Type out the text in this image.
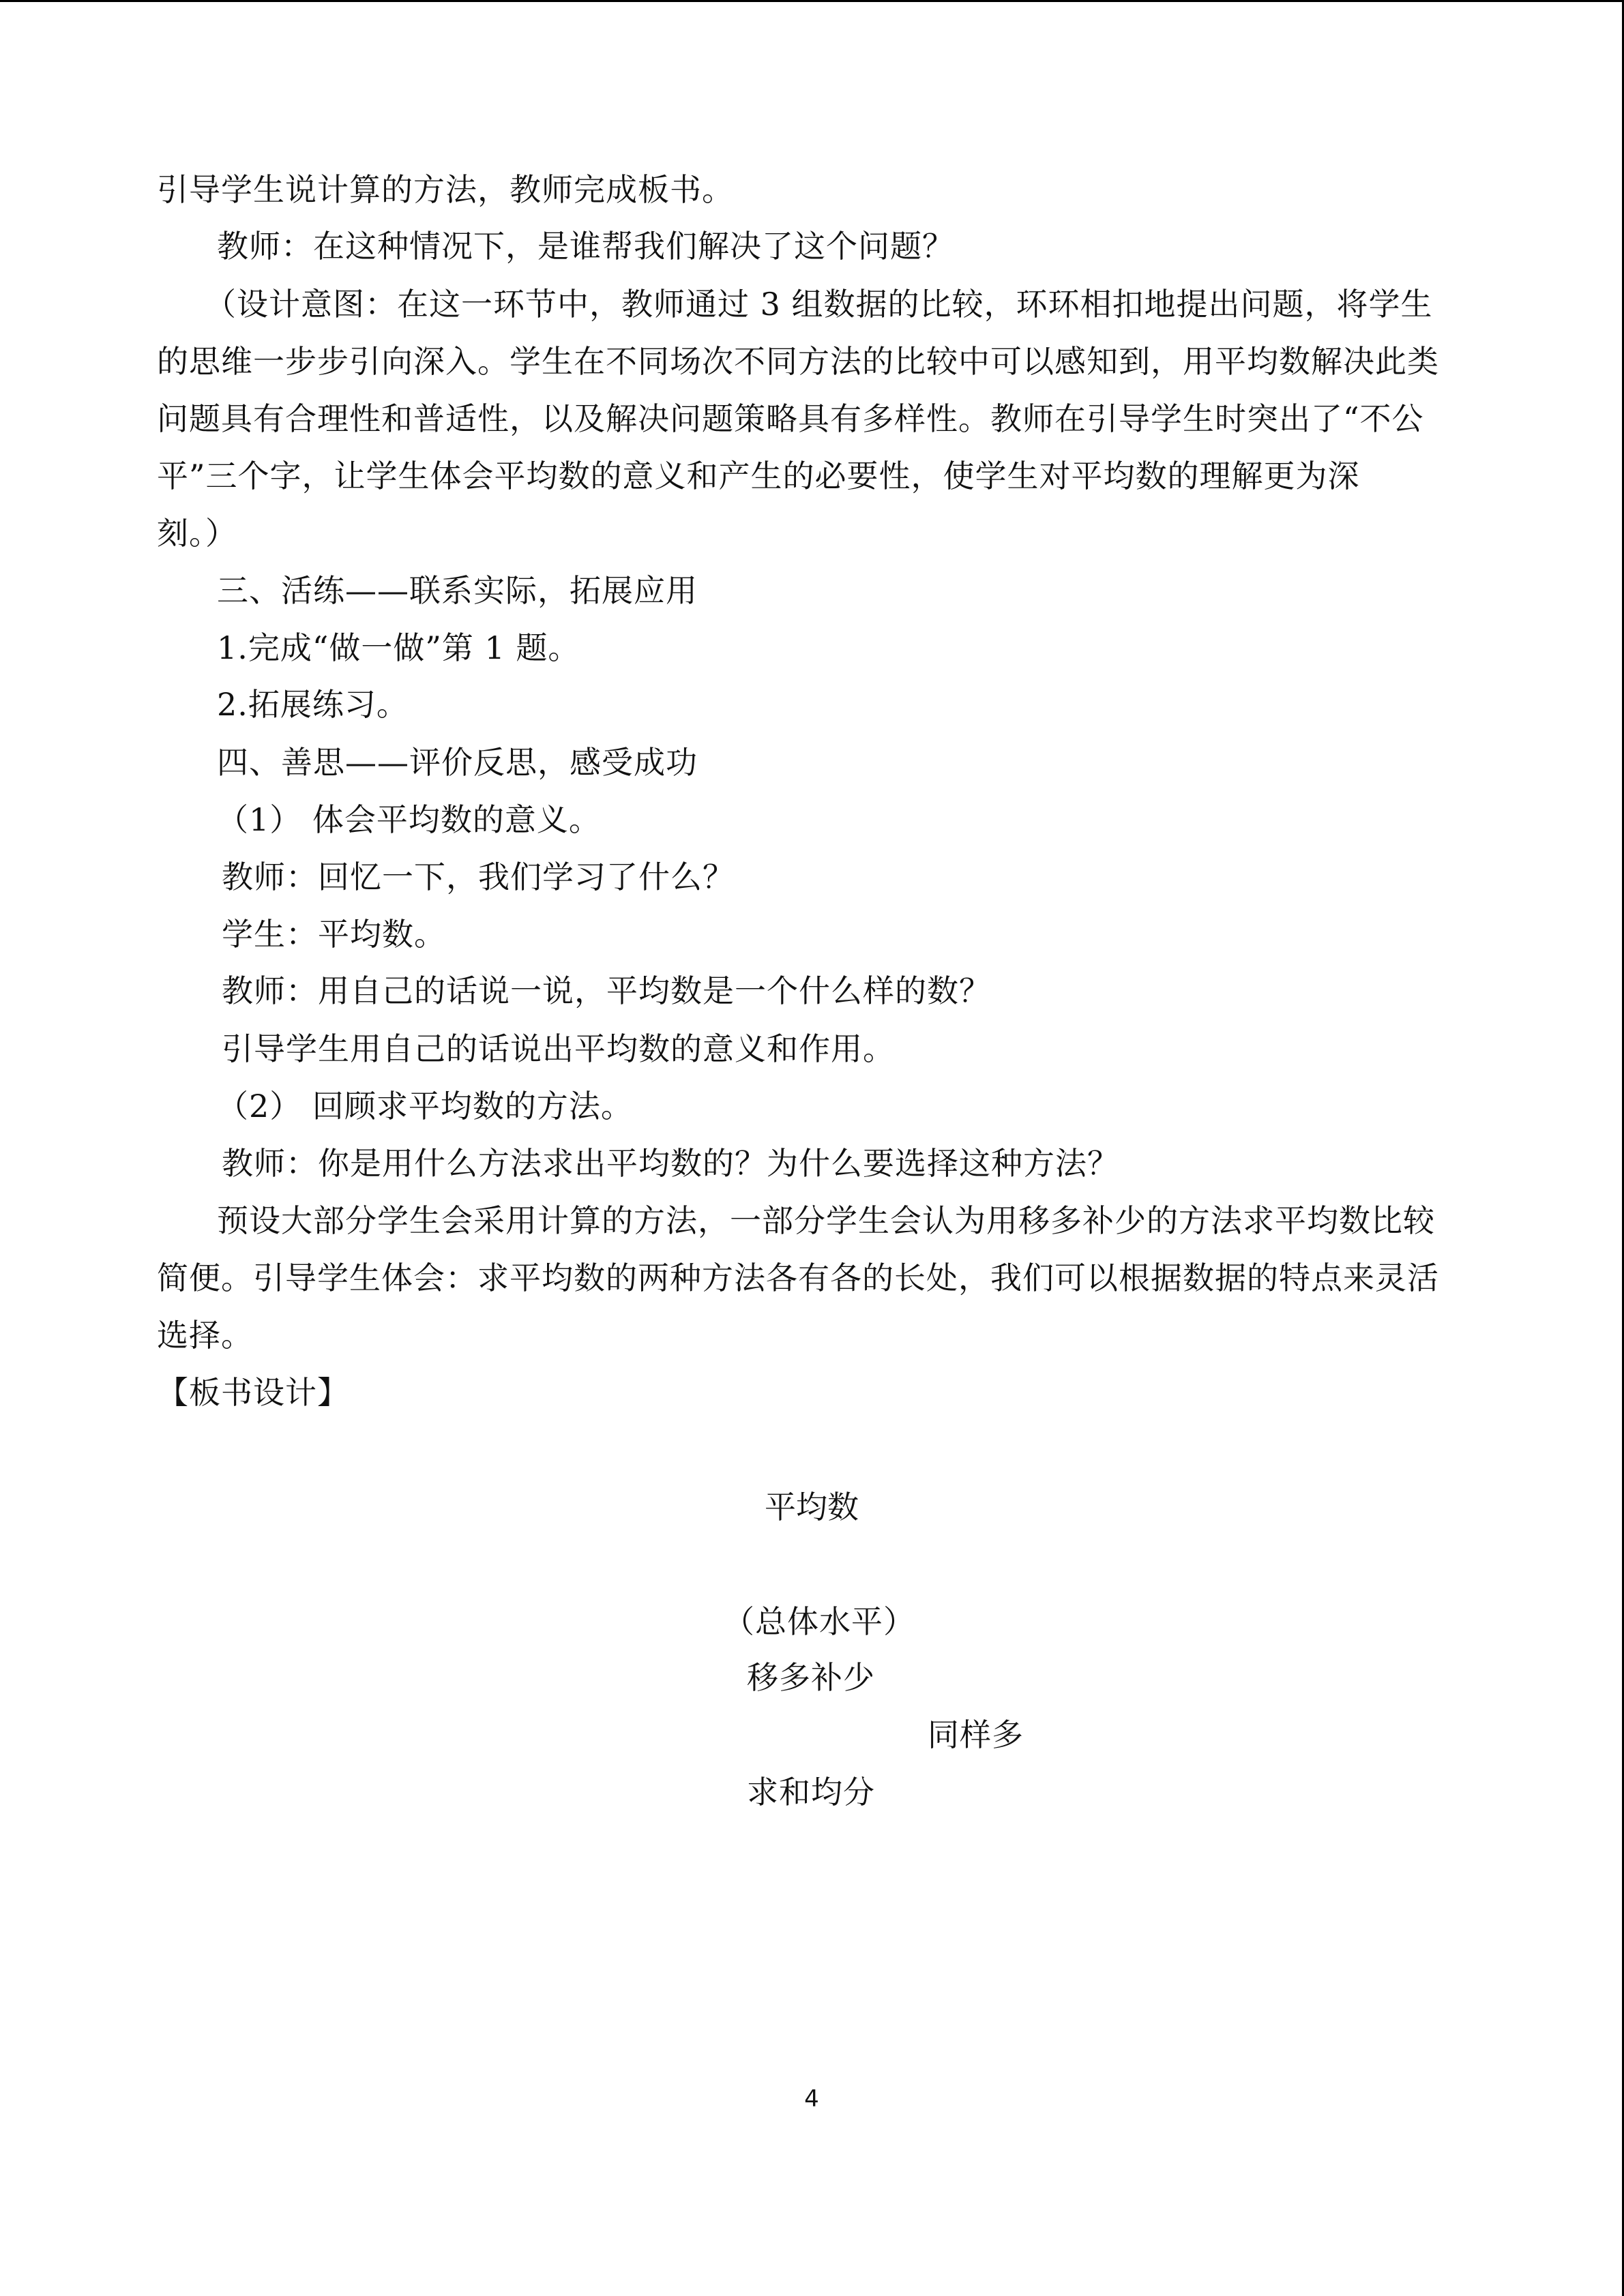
引导学生说计算的方法，教师完成板书。
教师：在这种情况下，是谁帮我们解决了这个问题？
（设计意图：在这一环节中，教师通过 3 组数据的比较，环环相扣地提出问题，将学生
的思维一步步引向深入。学生在不同场次不同方法的比较中可以感知到，用平均数解决此类
问题具有合理性和普适性，以及解决问题策略具有多样性。教师在引导学生时突出了“不公
平”三个字，让学生体会平均数的意义和产生的必要性，使学生对平均数的理解更为深
刻。）
三、活练——联系实际，拓展应用
1.完成“做一做”第 1 题。
2.拓展练习。
四、善思——评价反思，感受成功
（1） 体会平均数的意义。
教师：回忆一下，我们学习了什么？
学生：平均数。
教师：用自己的话说一说，平均数是一个什么样的数？
引导学生用自己的话说出平均数的意义和作用。
（2） 回顾求平均数的方法。
教师：你是用什么方法求出平均数的？为什么要选择这种方法？
预设大部分学生会采用计算的方法，一部分学生会认为用移多补少的方法求平均数比较
简便。引导学生体会：求平均数的两种方法各有各的长处，我们可以根据数据的特点来灵活
选择。
【板书设计】
平均数
（总体水平）
移多补少
同样多
求和均分
4
